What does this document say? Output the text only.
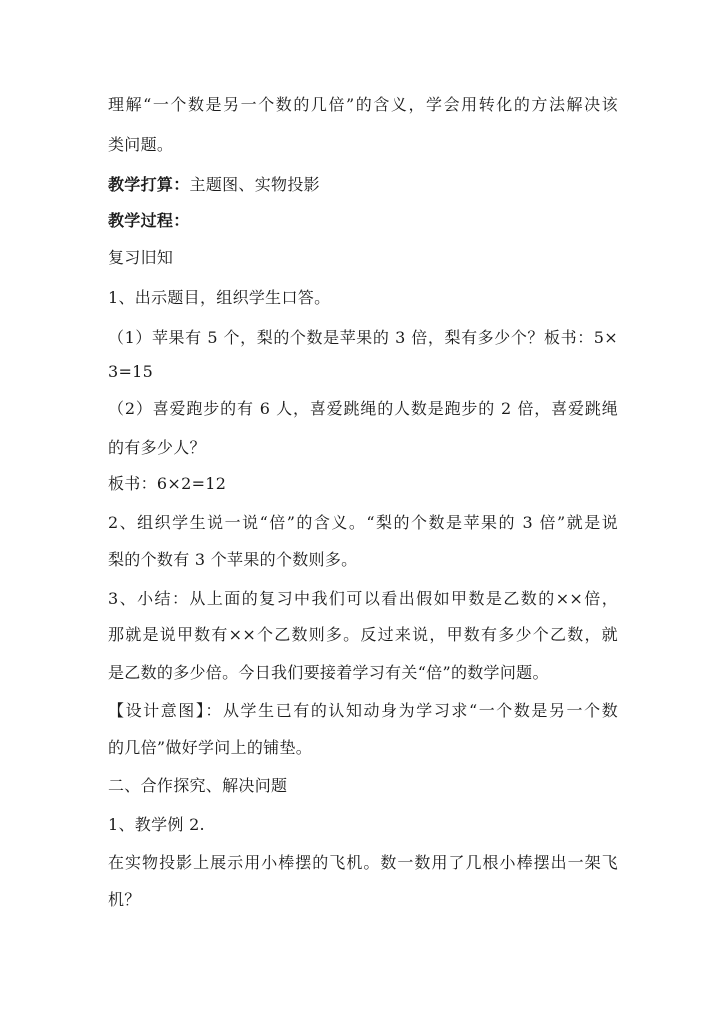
理解“一个数是另一个数的几倍”的含义，学会用转化的方法解决该
类问题。
教学打算：主题图、实物投影
教学过程：
复习旧知
1、出示题目，组织学生口答。
（1）苹果有 5 个，梨的个数是苹果的 3 倍，梨有多少个？板书：5×
3=15
（2）喜爱跑步的有 6 人，喜爱跳绳的人数是跑步的 2 倍，喜爱跳绳
的有多少人？
板书：6×2=12
2、组织学生说一说“倍”的含义。“梨的个数是苹果的 3 倍”就是说
梨的个数有 3 个苹果的个数则多。
3、小结：从上面的复习中我们可以看出假如甲数是乙数的××倍，
那就是说甲数有××个乙数则多。反过来说，甲数有多少个乙数，就
是乙数的多少倍。今日我们要接着学习有关“倍”的数学问题。
【设计意图】：从学生已有的认知动身为学习求“一个数是另一个数
的几倍”做好学问上的铺垫。
二、合作探究、解决问题
1、教学例 2.
在实物投影上展示用小棒摆的飞机。数一数用了几根小棒摆出一架飞
机？
